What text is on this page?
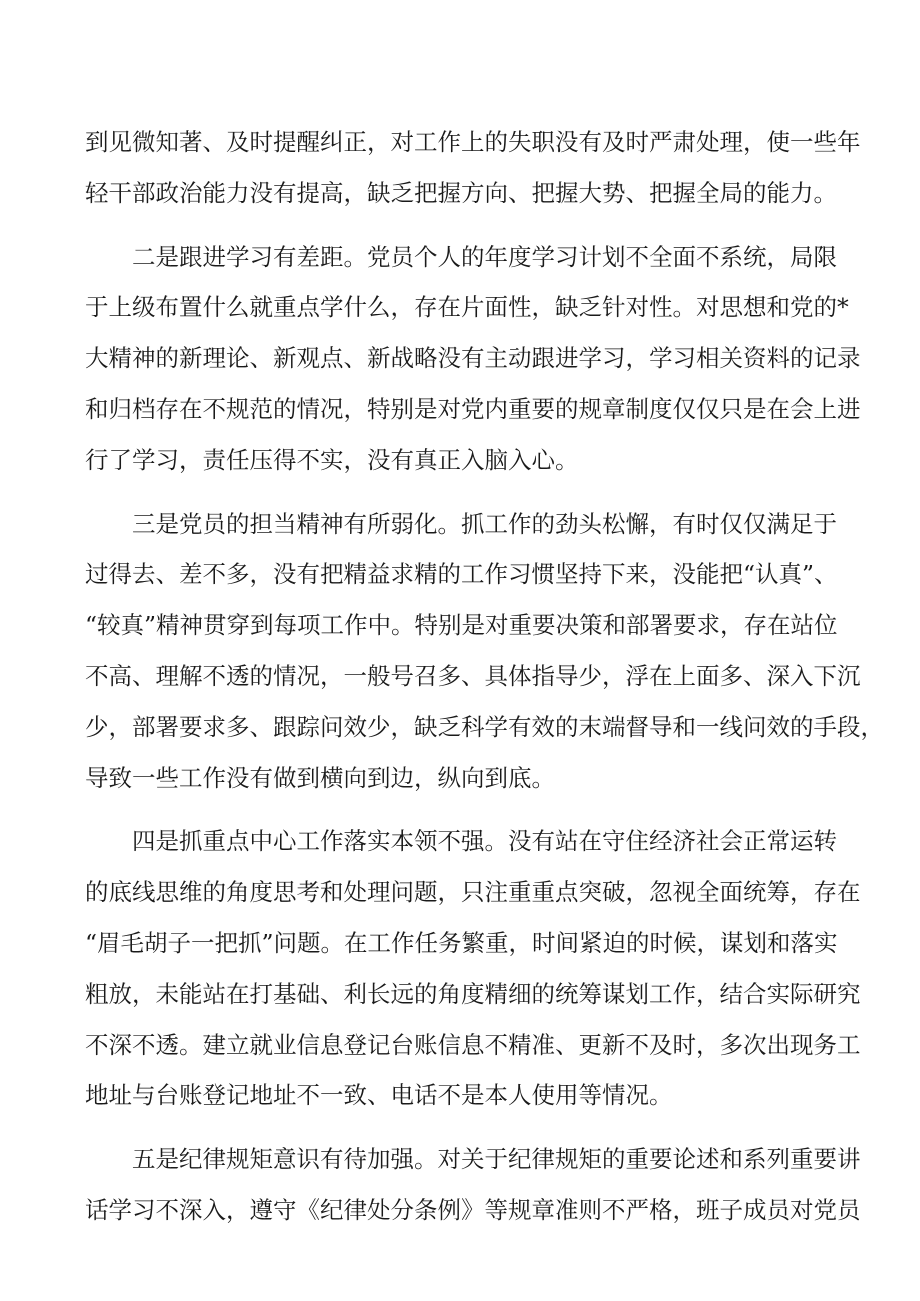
到见微知著、及时提醒纠正，对工作上的失职没有及时严肃处理，使一些年
轻干部政治能力没有提高，缺乏把握方向、把握大势、把握全局的能力。
二是跟进学习有差距。党员个人的年度学习计划不全面不系统，局限
于上级布置什么就重点学什么，存在片面性，缺乏针对性。对思想和党的*
大精神的新理论、新观点、新战略没有主动跟进学习，学习相关资料的记录
和归档存在不规范的情况，特别是对党内重要的规章制度仅仅只是在会上进
行了学习，责任压得不实，没有真正入脑入心。
三是党员的担当精神有所弱化。抓工作的劲头松懈，有时仅仅满足于
过得去、差不多，没有把精益求精的工作习惯坚持下来，没能把“认真”、
“较真”精神贯穿到每项工作中。特别是对重要决策和部署要求，存在站位
不高、理解不透的情况，一般号召多、具体指导少，浮在上面多、深入下沉
少，部署要求多、跟踪问效少，缺乏科学有效的末端督导和一线问效的手段，
导致一些工作没有做到横向到边，纵向到底。
四是抓重点中心工作落实本领不强。没有站在守住经济社会正常运转
的底线思维的角度思考和处理问题，只注重重点突破，忽视全面统筹，存在
“眉毛胡子一把抓”问题。在工作任务繁重，时间紧迫的时候，谋划和落实
粗放，未能站在打基础、利长远的角度精细的统筹谋划工作，结合实际研究
不深不透。建立就业信息登记台账信息不精准、更新不及时，多次出现务工
地址与台账登记地址不一致、电话不是本人使用等情况。
五是纪律规矩意识有待加强。对关于纪律规矩的重要论述和系列重要讲
话学习不深入，遵守《纪律处分条例》等规章准则不严格，班子成员对党员
